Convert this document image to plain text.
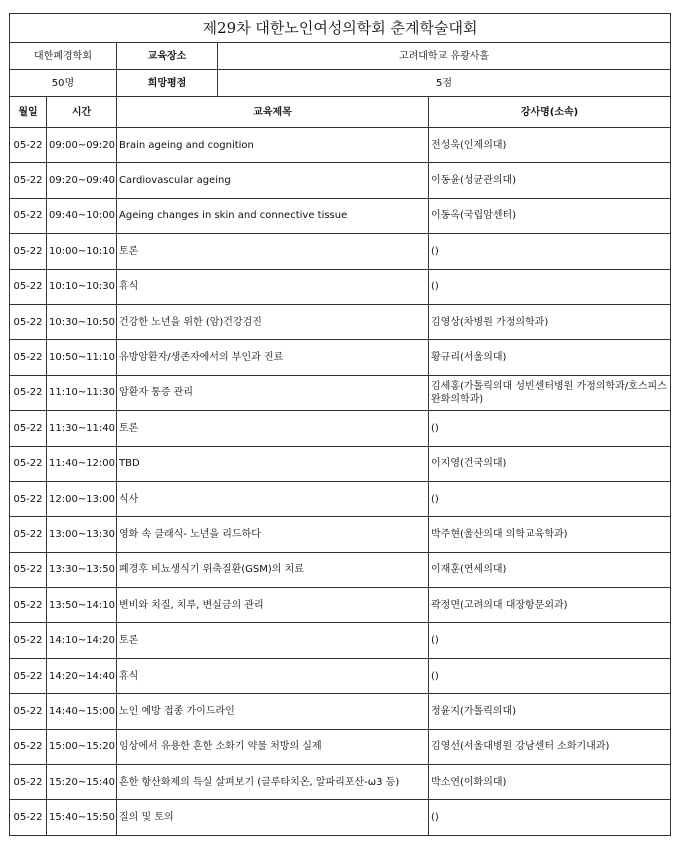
제29차 대한노인여성의학회 춘계학술대회				
대한폐경학회		교육장소	고려대학교 유광사홀	
50명		희망평점	5점	
월일	시간	교육제목		강사명(소속)
05-22	09:00~09:20	Brain ageing and cognition		전성욱(인제의대)
05-22	09:20~09:40	Cardiovascular ageing		이동윤(성균관의대)
05-22	09:40~10:00	Ageing changes in skin and connective tissue		이동옥(국립암센터)
05-22	10:00~10:10	토론		()
05-22	10:10~10:30	휴식		()
05-22	10:30~10:50	건강한 노년을 위한 (암)건강검진		김영상(차병원 가정의학과)
05-22	10:50~11:10	유방암환자/생존자에서의 부인과 진료		황규리(서울의대)
05-22	11:10~11:30	암환자 통증 관리		김세홍(가톨릭의대 성빈센터병원 가정의학과/호스피스완화의학과)
05-22	11:30~11:40	토론		()
05-22	11:40~12:00	TBD		이지영(건국의대)
05-22	12:00~13:00	식사		()
05-22	13:00~13:30	영화 속 클래식- 노년을 리드하다		박주현(울산의대 의학교육학과)
05-22	13:30~13:50	폐경후 비뇨생식기 위축질환(GSM)의 치료		이재훈(연세의대)
05-22	13:50~14:10	변비와 치질, 치루, 변실금의 관리		곽정면(고려의대 대장항문외과)
05-22	14:10~14:20	토론		()
05-22	14:20~14:40	휴식		()
05-22	14:40~15:00	노인 예방 접종 가이드라인		정윤지(가톨릭의대)
05-22	15:00~15:20	임상에서 유용한 흔한 소화기 약물 처방의 실제		김영선(서울대병원 강남센터 소화기내과)
05-22	15:20~15:40	흔한 항산화제의 득실 살펴보기 (글루타치온, 알파리포산-ω3 등)		박소연(이화의대)
05-22	15:40~15:50	질의 및 토의		()
